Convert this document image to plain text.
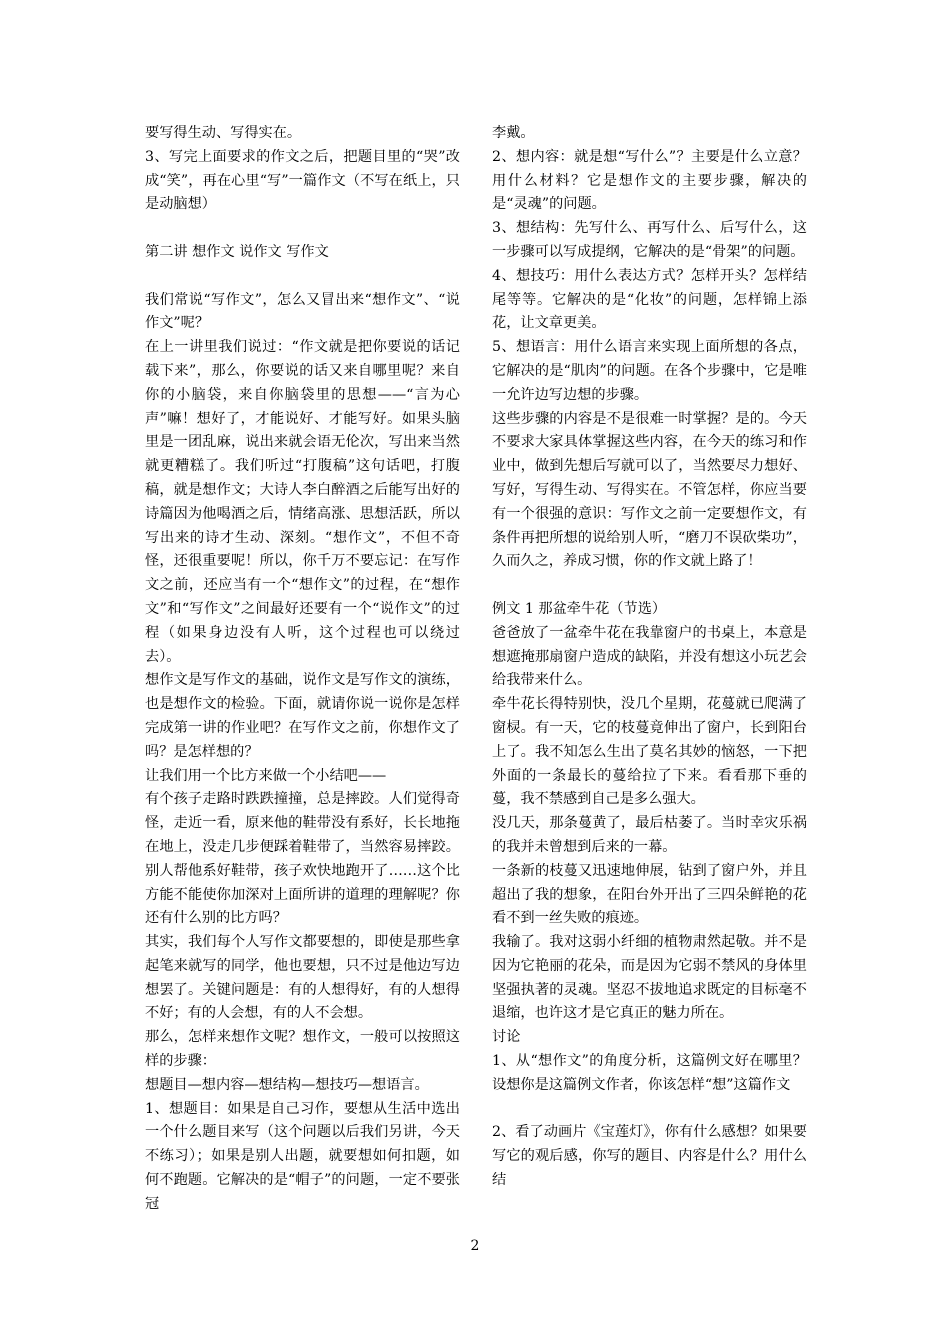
要写得生动、写得实在。

3、写完上面要求的作文之后，把题目里的“哭”改成“笑”，再在心里“写”一篇作文（不写在纸上，只是动脑想）

第二讲 想作文 说作文 写作文

我们常说“写作文”，怎么又冒出来“想作文”、“说作文”呢？

在上一讲里我们说过：“作文就是把你要说的话记载下来”，那么，你要说的话又来自哪里呢？来自你的小脑袋，来自你脑袋里的思想——“言为心声”嘛！想好了，才能说好、才能写好。如果头脑里是一团乱麻，说出来就会语无伦次，写出来当然就更糟糕了。我们听过“打腹稿”这句话吧，打腹稿，就是想作文；大诗人李白醉酒之后能写出好的诗篇因为他喝酒之后，情绪高涨、思想活跃，所以写出来的诗才生动、深刻。“想作文”，不但不奇怪，还很重要呢！所以，你千万不要忘记：在写作文之前，还应当有一个“想作文”的过程，在“想作文”和“写作文”之间最好还要有一个“说作文”的过程（如果身边没有人听，这个过程也可以绕过去）。

想作文是写作文的基础，说作文是写作文的演练，也是想作文的检验。下面，就请你说一说你是怎样完成第一讲的作业吧？在写作文之前，你想作文了吗？是怎样想的？

让我们用一个比方来做一个小结吧——

有个孩子走路时跌跌撞撞，总是摔跤。人们觉得奇怪，走近一看，原来他的鞋带没有系好，长长地拖在地上，没走几步便踩着鞋带了，当然容易摔跤。别人帮他系好鞋带，孩子欢快地跑开了……这个比方能不能使你加深对上面所讲的道理的理解呢？你还有什么别的比方吗？

其实，我们每个人写作文都要想的，即使是那些拿起笔来就写的同学，他也要想，只不过是他边写边想罢了。关键问题是：有的人想得好，有的人想得不好；有的人会想，有的人不会想。

那么，怎样来想作文呢？想作文，一般可以按照这样的步骤：

想题目—想内容—想结构—想技巧—想语言。

1、想题目：如果是自己习作，要想从生活中选出一个什么题目来写（这个问题以后我们另讲，今天不练习）；如果是别人出题，就要想如何扣题，如何不跑题。它解决的是“帽子”的问题，一定不要张冠

李戴。

2、想内容：就是想“写什么”？主要是什么立意？用什么材料？它是想作文的主要步骤，解决的是“灵魂”的问题。

3、想结构：先写什么、再写什么、后写什么，这一步骤可以写成提纲，它解决的是“骨架”的问题。

4、想技巧：用什么表达方式？怎样开头？怎样结尾等等。它解决的是“化妆”的问题，怎样锦上添花，让文章更美。

5、想语言：用什么语言来实现上面所想的各点，它解决的是“肌肉”的问题。在各个步骤中，它是唯一允许边写边想的步骤。

这些步骤的内容是不是很难一时掌握？是的。今天不要求大家具体掌握这些内容，在今天的练习和作业中，做到先想后写就可以了，当然要尽力想好、写好，写得生动、写得实在。不管怎样，你应当要有一个很强的意识：写作文之前一定要想作文，有条件再把所想的说给别人听，“磨刀不误砍柴功”，久而久之，养成习惯，你的作文就上路了！

例文 1 那盆牵牛花（节选）

爸爸放了一盆牵牛花在我靠窗户的书桌上，本意是想遮掩那扇窗户造成的缺陷，并没有想这小玩艺会给我带来什么。

牵牛花长得特别快，没几个星期，花蔓就已爬满了窗棂。有一天，它的枝蔓竟伸出了窗户，长到阳台上了。我不知怎么生出了莫名其妙的恼怒，一下把外面的一条最长的蔓给拉了下来。看看那下垂的蔓，我不禁感到自己是多么强大。

没几天，那条蔓黄了，最后枯萎了。当时幸灾乐祸的我并未曾想到后来的一幕。

一条新的枝蔓又迅速地伸展，钻到了窗户外，并且超出了我的想象，在阳台外开出了三四朵鲜艳的花看不到一丝失败的痕迹。

我输了。我对这弱小纤细的植物肃然起敬。并不是因为它艳丽的花朵，而是因为它弱不禁风的身体里坚强执著的灵魂。坚忍不拔地追求既定的目标毫不退缩，也许这才是它真正的魅力所在。

讨论

1、从“想作文”的角度分析，这篇例文好在哪里？设想你是这篇例文作者，你该怎样“想”这篇作文

2、看了动画片《宝莲灯》，你有什么感想？如果要写它的观后感，你写的题目、内容是什么？用什么结

2
